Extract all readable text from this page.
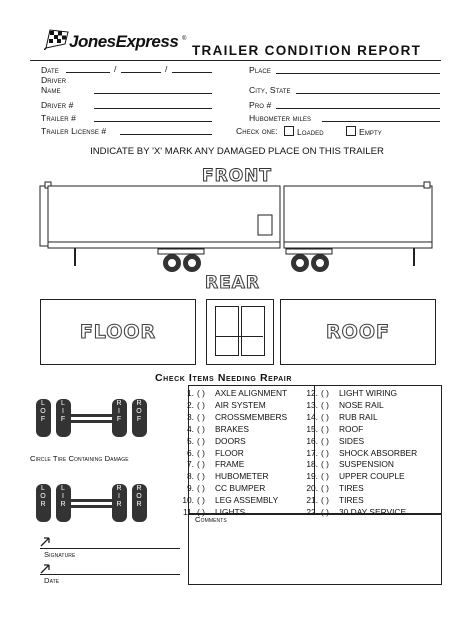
JonesExpress ®
TRAILER CONDITION REPORT
Date	/	/
Driver
Name
Driver #
Trailer #
Trailer License #
Place
City, State
Pro #
Hubometer miles
Check one:	Loaded	Empty
INDICATE BY 'X' MARK ANY DAMAGED PLACE ON THIS TRAILER
FRONT
REAR
FLOOR	ROOF
Check Items Needing Repair
L
O
F
L
I
F
R
I
F
R
O
F
L
O
R
L
I
R
R
I
R
R
O
R
Circle Tire Containing Damage
1. ( ) AXLE ALIGNMENT
2. ( ) AIR SYSTEM
3. ( ) CROSSMEMBERS
4. ( ) BRAKES
5. ( ) DOORS
6. ( ) FLOOR
7. ( ) FRAME
8. ( ) HUBOMETER
9. ( ) CC BUMPER
10. ( ) LEG ASSEMBLY
11. ( ) LIGHTS
12. ( ) LIGHT WIRING
13. ( ) NOSE RAIL
14. ( ) RUB RAIL
15. ( ) ROOF
16. ( ) SIDES
17. ( ) SHOCK ABSORBER
18. ( ) SUSPENSION
19. ( ) UPPER COUPLE
20. ( ) TIRES
21. ( ) TIRES
22. ( ) 30 DAY SERVICE
Comments
Signature
Date
